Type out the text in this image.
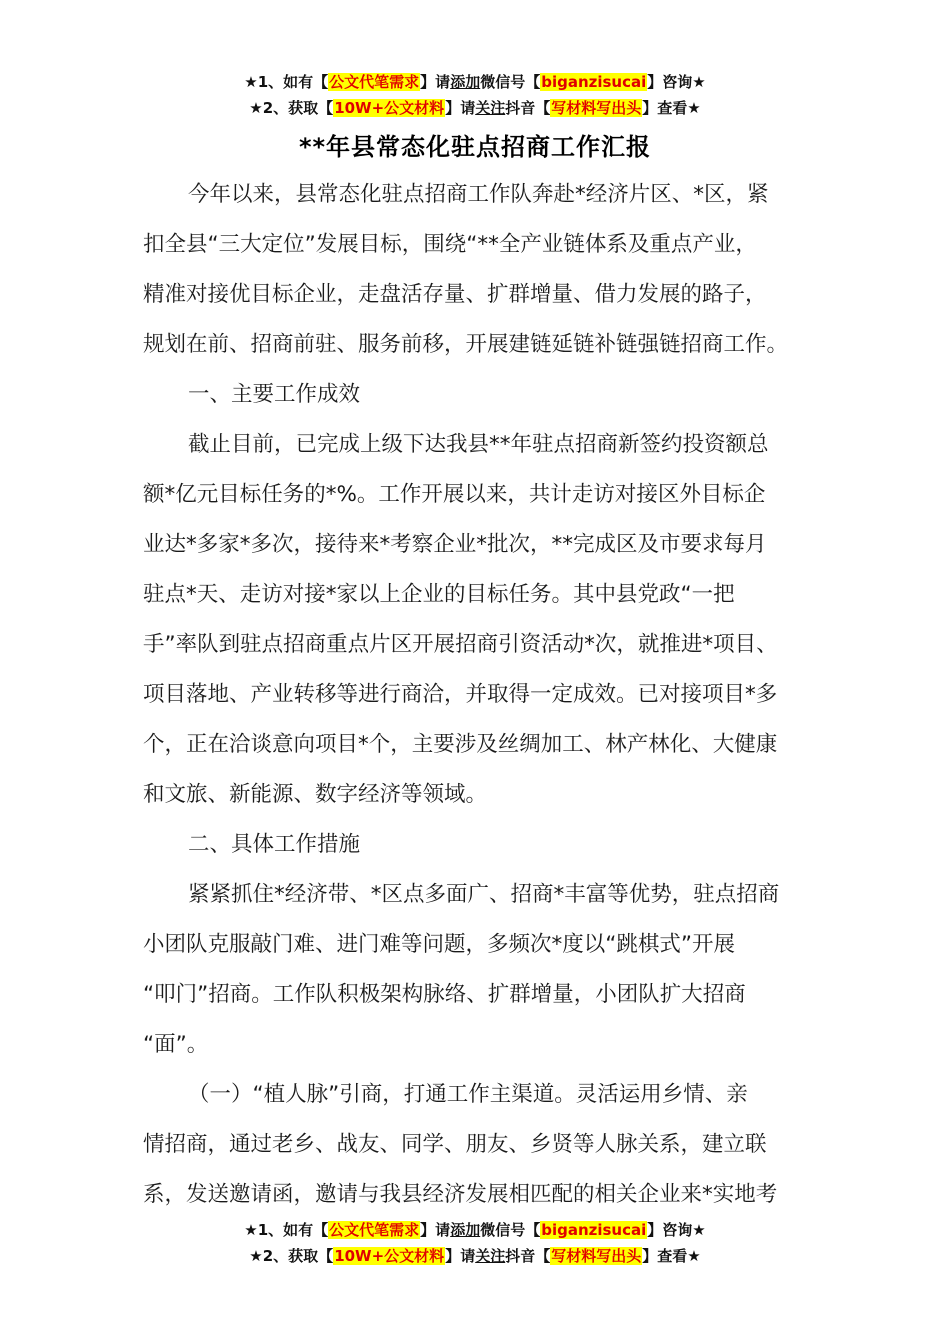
★1、如有【公文代笔需求】请添加微信号【biganzisucai】咨询★
★2、获取【10W+公文材料】请关注抖音【写材料写出头】查看★
**年县常态化驻点招商工作汇报

今年以来，县常态化驻点招商工作队奔赴*经济片区、*区，紧
扣全县“三大定位”发展目标，围绕“**全产业链体系及重点产业，
精准对接优目标企业，走盘活存量、扩群增量、借力发展的路子，
规划在前、招商前驻、服务前移，开展建链延链补链强链招商工作。

一、主要工作成效

截止目前，已完成上级下达我县**年驻点招商新签约投资额总
额*亿元目标任务的*%。工作开展以来，共计走访对接区外目标企
业达*多家*多次，接待来*考察企业*批次，**完成区及市要求每月
驻点*天、走访对接*家以上企业的目标任务。其中县党政“一把
手”率队到驻点招商重点片区开展招商引资活动*次，就推进*项目、
项目落地、产业转移等进行商洽，并取得一定成效。已对接项目*多
个，正在洽谈意向项目*个，主要涉及丝绸加工、林产林化、大健康
和文旅、新能源、数字经济等领域。

二、具体工作措施

紧紧抓住*经济带、*区点多面广、招商*丰富等优势，驻点招商
小团队克服敲门难、进门难等问题，多频次*度以“跳棋式”开展
“叩门”招商。工作队积极架构脉络、扩群增量，小团队扩大招商
“面”。

（一）“植人脉”引商，打通工作主渠道。灵活运用乡情、亲
情招商，通过老乡、战友、同学、朋友、乡贤等人脉关系，建立联
系，发送邀请函，邀请与我县经济发展相匹配的相关企业来*实地考

★1、如有【公文代笔需求】请添加微信号【biganzisucai】咨询★
★2、获取【10W+公文材料】请关注抖音【写材料写出头】查看★
